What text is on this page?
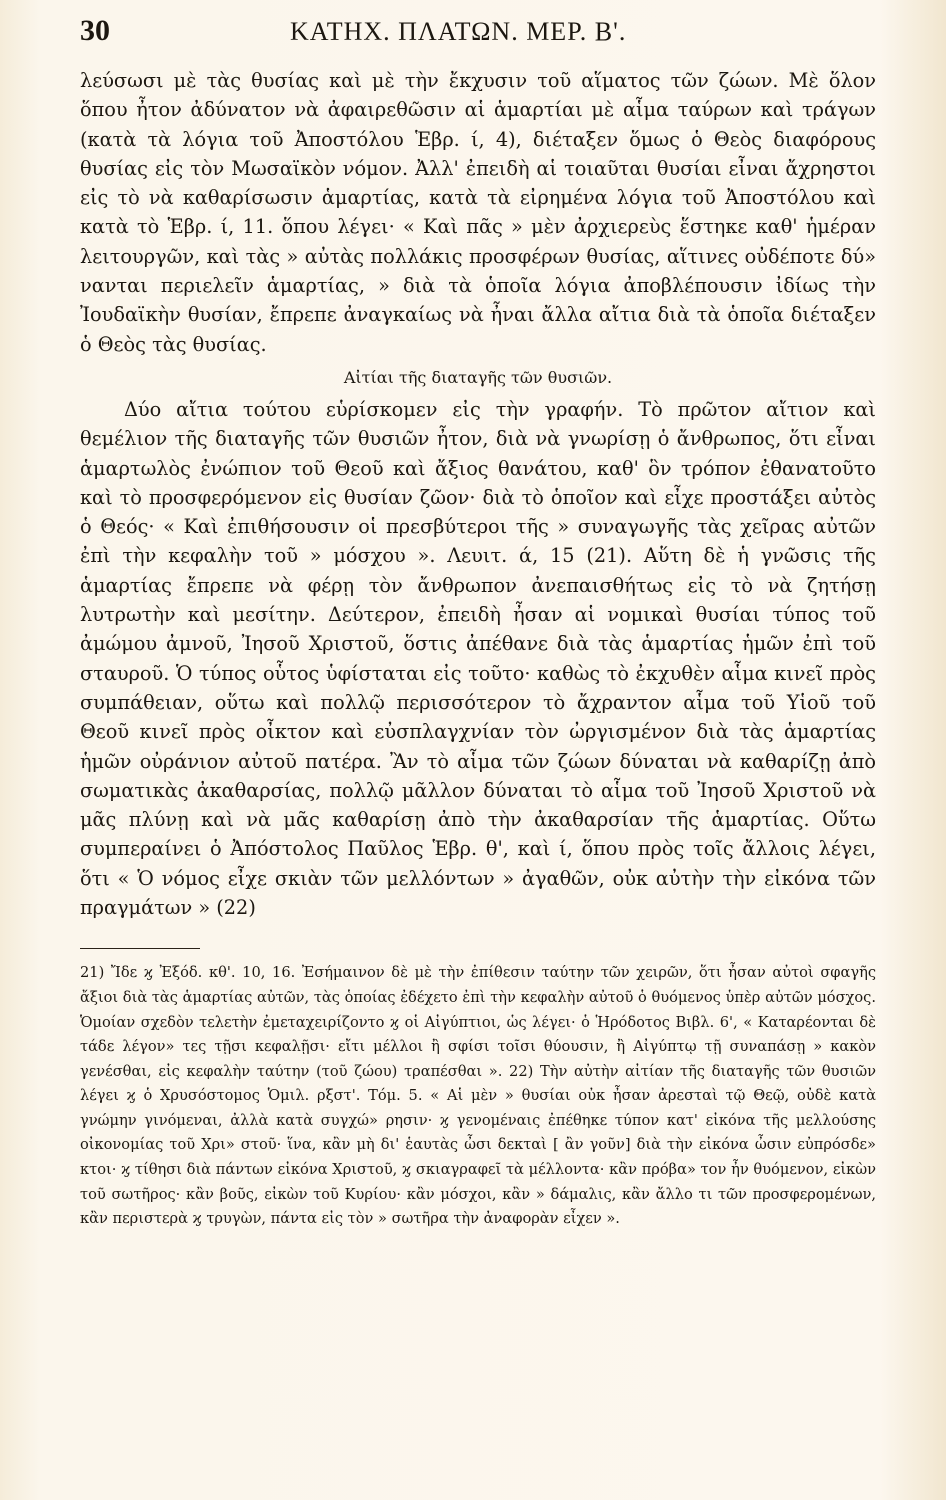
30	ΚΑΤΗΧ. ΠΛΑΤΩΝ. ΜΕΡ. Β'.

λεύσωσι μὲ τὰς θυσίας καὶ μὲ τὴν ἔκχυσιν τοῦ αἵματος τῶν ζώων. Μὲ ὅλον ὅπου ἦτον ἀδύνατον νὰ ἀφαιρεθῶσιν αἱ ἁμαρτίαι μὲ αἷμα ταύρων καὶ τράγων (κατὰ τὰ λόγια τοῦ Ἀποστόλου Ἑβρ. ί, 4), διέταξεν ὅμως ὁ Θεὸς διαφόρους θυσίας εἰς τὸν Μωσαϊκὸν νόμον. Ἀλλ' ἐπειδὴ αἱ τοιαῦται θυσίαι εἶναι ἄχρηστοι εἰς τὸ νὰ καθαρίσωσιν ἁμαρτίας, κατὰ τὰ εἰρημένα λόγια τοῦ Ἀποστόλου καὶ κατὰ τὸ Ἑβρ. ί, 11. ὅπου λέγει· « Καὶ πᾶς » μὲν ἀρχιερεὺς ἕστηκε καθ' ἡμέραν λειτουργῶν, καὶ τὰς » αὐτὰς πολλάκις προσφέρων θυσίας, αἵτινες οὐδέποτε δύ» νανται περιελεῖν ἁμαρτίας, » διὰ τὰ ὁποῖα λόγια ἀποβλέπουσιν ἰδίως τὴν Ἰουδαϊκὴν θυσίαν, ἔπρεπε ἀναγκαίως νὰ ἦναι ἄλλα αἴτια διὰ τὰ ὁποῖα διέταξεν ὁ Θεὸς τὰς θυσίας.

Αἰτίαι τῆς διαταγῆς τῶν θυσιῶν.

Δύο αἴτια τούτου εὑρίσκομεν εἰς τὴν γραφήν. Τὸ πρῶτον αἴτιον καὶ θεμέλιον τῆς διαταγῆς τῶν θυσιῶν ἦτον, διὰ νὰ γνωρίσῃ ὁ ἄνθρωπος, ὅτι εἶναι ἁμαρτωλὸς ἐνώπιον τοῦ Θεοῦ καὶ ἄξιος θανάτου, καθ' ὃν τρόπον ἐθανατοῦτο καὶ τὸ προσφερόμενον εἰς θυσίαν ζῶον· διὰ τὸ ὁποῖον καὶ εἶχε προστάξει αὐτὸς ὁ Θεός· « Καὶ ἐπιθήσουσιν οἱ πρεσβύτεροι τῆς » συναγωγῆς τὰς χεῖρας αὐτῶν ἐπὶ τὴν κεφαλὴν τοῦ » μόσχου ». Λευιτ. ά, 15 (21). Αὕτη δὲ ἡ γνῶσις τῆς ἁμαρτίας ἔπρεπε νὰ φέρῃ τὸν ἄνθρωπον ἀνεπαισθήτως εἰς τὸ νὰ ζητήσῃ λυτρωτὴν καὶ μεσίτην. Δεύτερον, ἐπειδὴ ἦσαν αἱ νομικαὶ θυσίαι τύπος τοῦ ἀμώμου ἀμνοῦ, Ἰησοῦ Χριστοῦ, ὅστις ἀπέθανε διὰ τὰς ἁμαρτίας ἡμῶν ἐπὶ τοῦ σταυροῦ. Ὁ τύπος οὗτος ὑφίσταται εἰς τοῦτο· καθὼς τὸ ἐκχυθὲν αἷμα κινεῖ πρὸς συμπάθειαν, οὕτω καὶ πολλῷ περισσότερον τὸ ἄχραντον αἷμα τοῦ Υἱοῦ τοῦ Θεοῦ κινεῖ πρὸς οἶκτον καὶ εὐσπλαγχνίαν τὸν ὠργισμένον διὰ τὰς ἁμαρτίας ἡμῶν οὐράνιον αὐτοῦ πατέρα. Ἂν τὸ αἷμα τῶν ζώων δύναται νὰ καθαρίζῃ ἀπὸ σωματικὰς ἀκαθαρσίας, πολλῷ μᾶλλον δύναται τὸ αἷμα τοῦ Ἰησοῦ Χριστοῦ νὰ μᾶς πλύνῃ καὶ νὰ μᾶς καθαρίσῃ ἀπὸ τὴν ἀκαθαρσίαν τῆς ἁμαρτίας. Οὕτω συμπεραίνει ὁ Ἀπόστολος Παῦλος Ἑβρ. θ', καὶ ί, ὅπου πρὸς τοῖς ἄλλοις λέγει, ὅτι « Ὁ νόμος εἶχε σκιὰν τῶν μελλόντων » ἀγαθῶν, οὐκ αὐτὴν τὴν εἰκόνα τῶν πραγμάτων » (22)

21) Ἴδε ϗ Ἐξόδ. κθ'. 10, 16. Ἐσήμαινον δὲ μὲ τὴν ἐπίθεσιν ταύτην τῶν χειρῶν, ὅτι ἦσαν αὐτοὶ σφαγῆς ἄξιοι διὰ τὰς ἁμαρτίας αὐτῶν, τὰς ὁποίας ἐδέχετο ἐπὶ τὴν κεφαλὴν αὐτοῦ ὁ θυόμενος ὑπὲρ αὐτῶν μόσχος. Ὁμοίαν σχεδὸν τελετὴν ἐμεταχειρίζοντο ϗ οἱ Αἰγύπτιοι, ὡς λέγει· ὁ Ἡρόδοτος Βιβλ. 6', « Καταρέονται δὲ τάδε λέγον» τες τῇσι κεφαλῇσι· εἴτι μέλλοι ἢ σφίσι τοῖσι θύουσιν, ἢ Αἰγύπτῳ τῇ συναπάσῃ » κακὸν γενέσθαι, εἰς κεφαλὴν ταύτην (τοῦ ζώου) τραπέσθαι ». 22) Τὴν αὐτὴν αἰτίαν τῆς διαταγῆς τῶν θυσιῶν λέγει ϗ ὁ Χρυσόστομος Ὁμιλ. ρξστ'. Τόμ. 5. « Αἱ μὲν » θυσίαι οὐκ ἦσαν ἀρεσταὶ τῷ Θεῷ, οὐδὲ κατὰ γνώμην γινόμεναι, ἀλλὰ κατὰ συγχώ» ρησιν· ϗ γενομέναις ἐπέθηκε τύπον κατ' εἰκόνα τῆς μελλούσης οἰκονομίας τοῦ Χρι» στοῦ· ἵνα, κἂν μὴ δι' ἑαυτὰς ὦσι δεκταὶ [ ἂν γοῦν] διὰ τὴν εἰκόνα ὦσιν εὐπρόσδε» κτοι· ϗ τίθησι διὰ πάντων εἰκόνα Χριστοῦ, ϗ σκιαγραφεῖ τὰ μέλλοντα· κἂν πρόβα» τον ἦν θυόμενον, εἰκὼν τοῦ σωτῆρος· κἂν βοῦς, εἰκὼν τοῦ Κυρίου· κἂν μόσχοι, κἂν » δάμαλις, κἂν ἄλλο τι τῶν προσφερομένων, κἂν περιστερὰ ϗ τρυγὼν, πάντα εἰς τὸν » σωτῆρα τὴν ἀναφορὰν εἶχεν ».
